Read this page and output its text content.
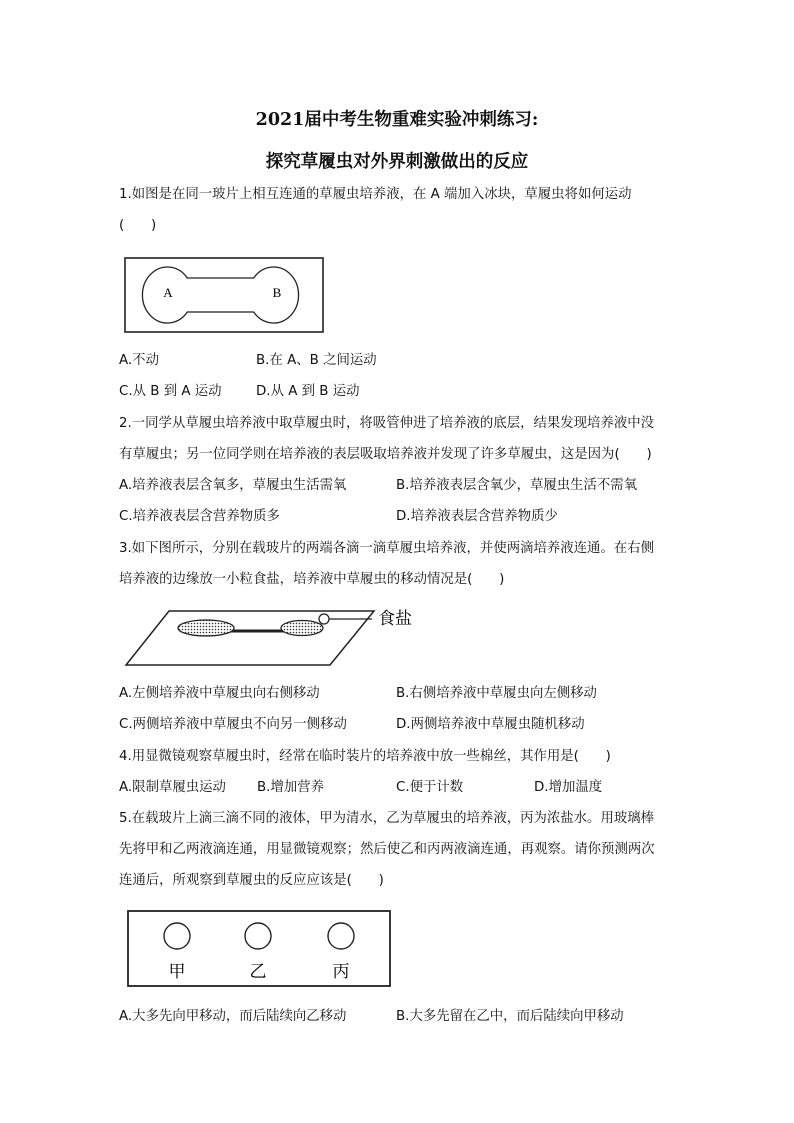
2021届中考生物重难实验冲刺练习:
探究草履虫对外界刺激做出的反应
1.如图是在同一玻片上相互连通的草履虫培养液，在 A 端加入冰块，草履虫将如何运动
(　　)
A	B
A.不动	B.在 A、B 之间运动
C.从 B 到 A 运动	D.从 A 到 B 运动
2.一同学从草履虫培养液中取草履虫时，将吸管伸进了培养液的底层，结果发现培养液中没
有草履虫；另一位同学则在培养液的表层吸取培养液并发现了许多草履虫，这是因为(　　)
A.培养液表层含氧多，草履虫生活需氧	B.培养液表层含氧少，草履虫生活不需氧
C.培养液表层含营养物质多	D.培养液表层含营养物质少
3.如下图所示，分别在载玻片的两端各滴一滴草履虫培养液，并使两滴培养液连通。在右侧
培养液的边缘放一小粒食盐，培养液中草履虫的移动情况是(　　)
食盐
A.左侧培养液中草履虫向右侧移动	B.右侧培养液中草履虫向左侧移动
C.两侧培养液中草履虫不向另一侧移动	D.两侧培养液中草履虫随机移动
4.用显微镜观察草履虫时，经常在临时装片的培养液中放一些棉丝，其作用是(　　)
A.限制草履虫运动 B.增加营养	C.便于计数	D.增加温度
5.在载玻片上滴三滴不同的液体，甲为清水，乙为草履虫的培养液，丙为浓盐水。用玻璃棒
先将甲和乙两液滴连通，用显微镜观察；然后使乙和丙两液滴连通，再观察。请你预测两次
连通后，所观察到草履虫的反应应该是(　　)
甲	乙	丙
A.大多先向甲移动，而后陆续向乙移动	B.大多先留在乙中，而后陆续向甲移动
